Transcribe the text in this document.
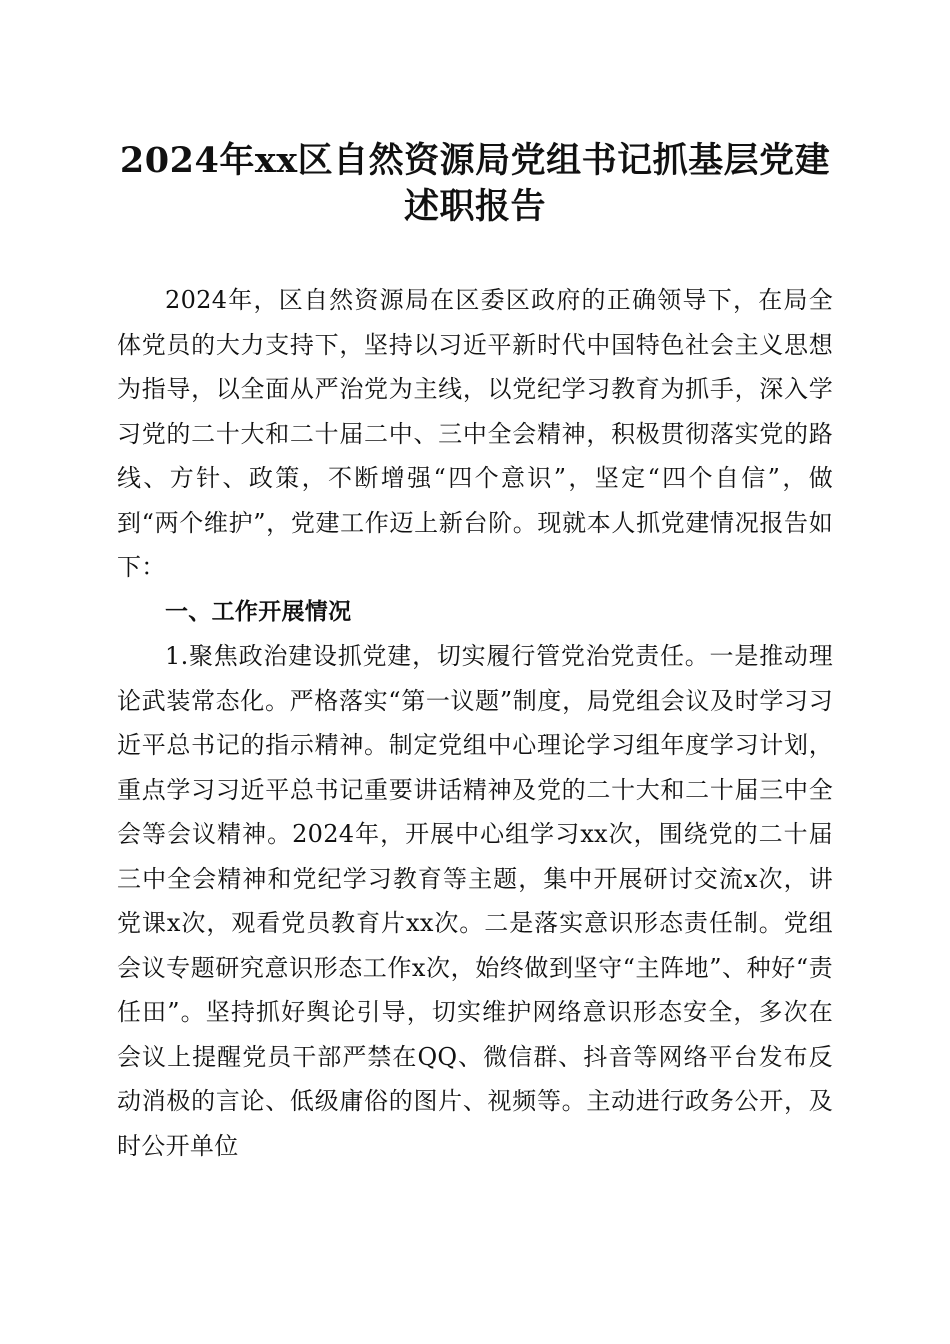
2024年xx区自然资源局党组书记抓基层党建
述职报告

2024年，区自然资源局在区委区政府的正确领导下，在局全体党员的大力支持下，坚持以习近平新时代中国特色社会主义思想为指导，以全面从严治党为主线，以党纪学习教育为抓手，深入学习党的二十大和二十届二中、三中全会精神，积极贯彻落实党的路线、方针、政策，不断增强“四个意识”，坚定“四个自信”，做到“两个维护”，党建工作迈上新台阶。现就本人抓党建情况报告如下：

一、工作开展情况

1.聚焦政治建设抓党建，切实履行管党治党责任。一是推动理论武装常态化。严格落实“第一议题”制度，局党组会议及时学习习近平总书记的指示精神。制定党组中心理论学习组年度学习计划，重点学习习近平总书记重要讲话精神及党的二十大和二十届三中全会等会议精神。2024年，开展中心组学习xx次，围绕党的二十届三中全会精神和党纪学习教育等主题，集中开展研讨交流x次，讲党课x次，观看党员教育片xx次。二是落实意识形态责任制。党组会议专题研究意识形态工作x次，始终做到坚守“主阵地”、种好“责任田”。坚持抓好舆论引导，切实维护网络意识形态安全，多次在会议上提醒党员干部严禁在QQ、微信群、抖音等网络平台发布反动消极的言论、低级庸俗的图片、视频等。主动进行政务公开，及时公开单位
